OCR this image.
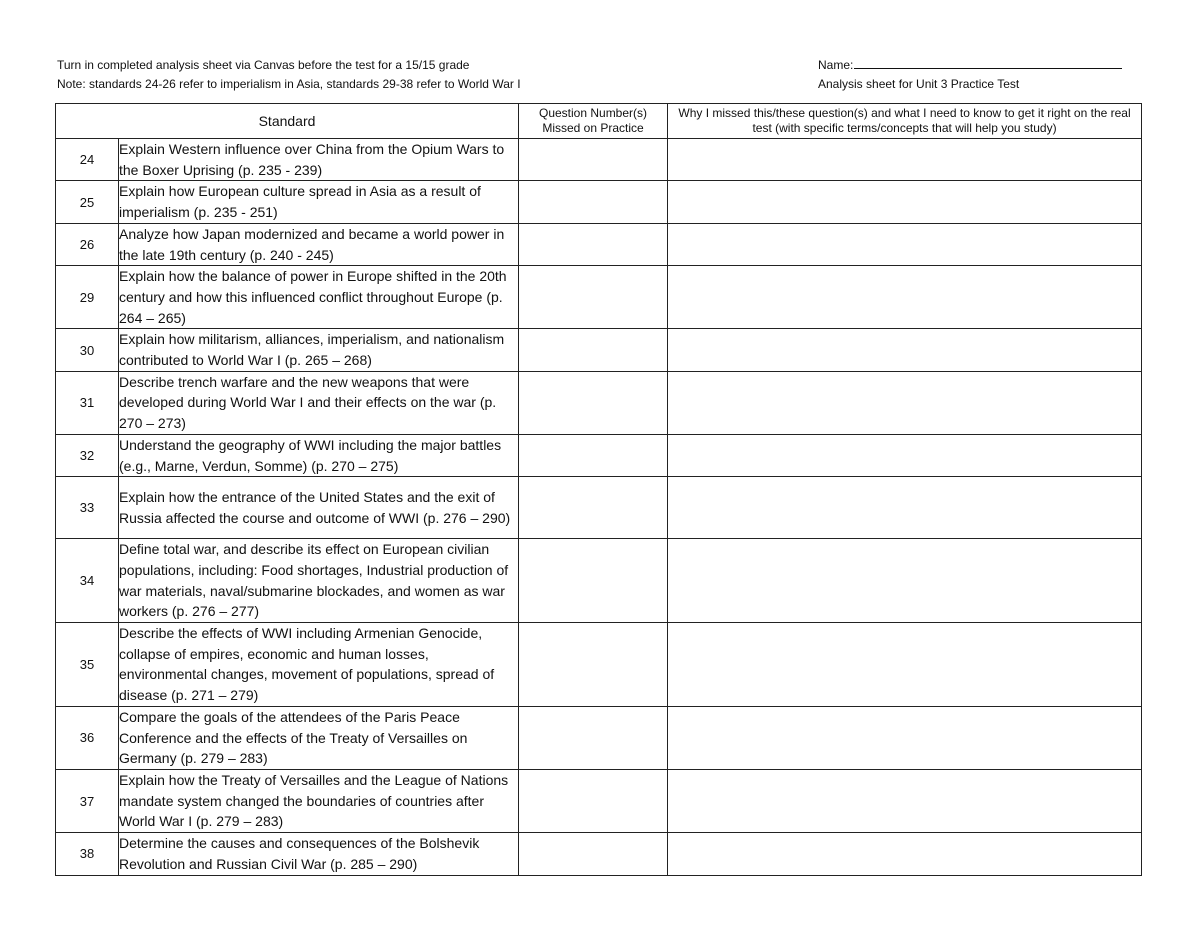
Turn in completed analysis sheet via Canvas before the test for a 15/15 grade
Note: standards 24-26 refer to imperialism in Asia, standards 29-38 refer to World War I
Name:
Analysis sheet for Unit 3 Practice Test
Standard		Question Number(s) Missed on Practice	Why I missed this/these question(s) and what I need to know to get it right on the real test (with specific terms/concepts that will help you study)
24	Explain Western influence over China from the Opium Wars to the Boxer Uprising (p. 235 - 239)		
25	Explain how European culture spread in Asia as a result of imperialism (p. 235 - 251)		
26	Analyze how Japan modernized and became a world power in the late 19th century (p. 240 - 245)		
29	Explain how the balance of power in Europe shifted in the 20th century and how this influenced conflict throughout Europe (p. 264 – 265)		
30	Explain how militarism, alliances, imperialism, and nationalism contributed to World War I (p. 265 – 268)		
31	Describe trench warfare and the new weapons that were developed during World War I and their effects on the war (p. 270 – 273)		
32	Understand the geography of WWI including the major battles (e.g., Marne, Verdun, Somme) (p. 270 – 275)		
33	Explain how the entrance of the United States and the exit of Russia affected the course and outcome of WWI (p. 276 – 290)		
34	Define total war, and describe its effect on European civilian populations, including: Food shortages, Industrial production of war materials, naval/submarine blockades, and women as war workers (p. 276 – 277)		
35	Describe the effects of WWI including Armenian Genocide, collapse of empires, economic and human losses, environmental changes, movement of populations, spread of disease (p. 271 – 279)		
36	Compare the goals of the attendees of the Paris Peace Conference and the effects of the Treaty of Versailles on Germany (p. 279 – 283)		
37	Explain how the Treaty of Versailles and the League of Nations mandate system changed the boundaries of countries after World War I (p. 279 – 283)		
38	Determine the causes and consequences of the Bolshevik Revolution and Russian Civil War (p. 285 – 290)		
